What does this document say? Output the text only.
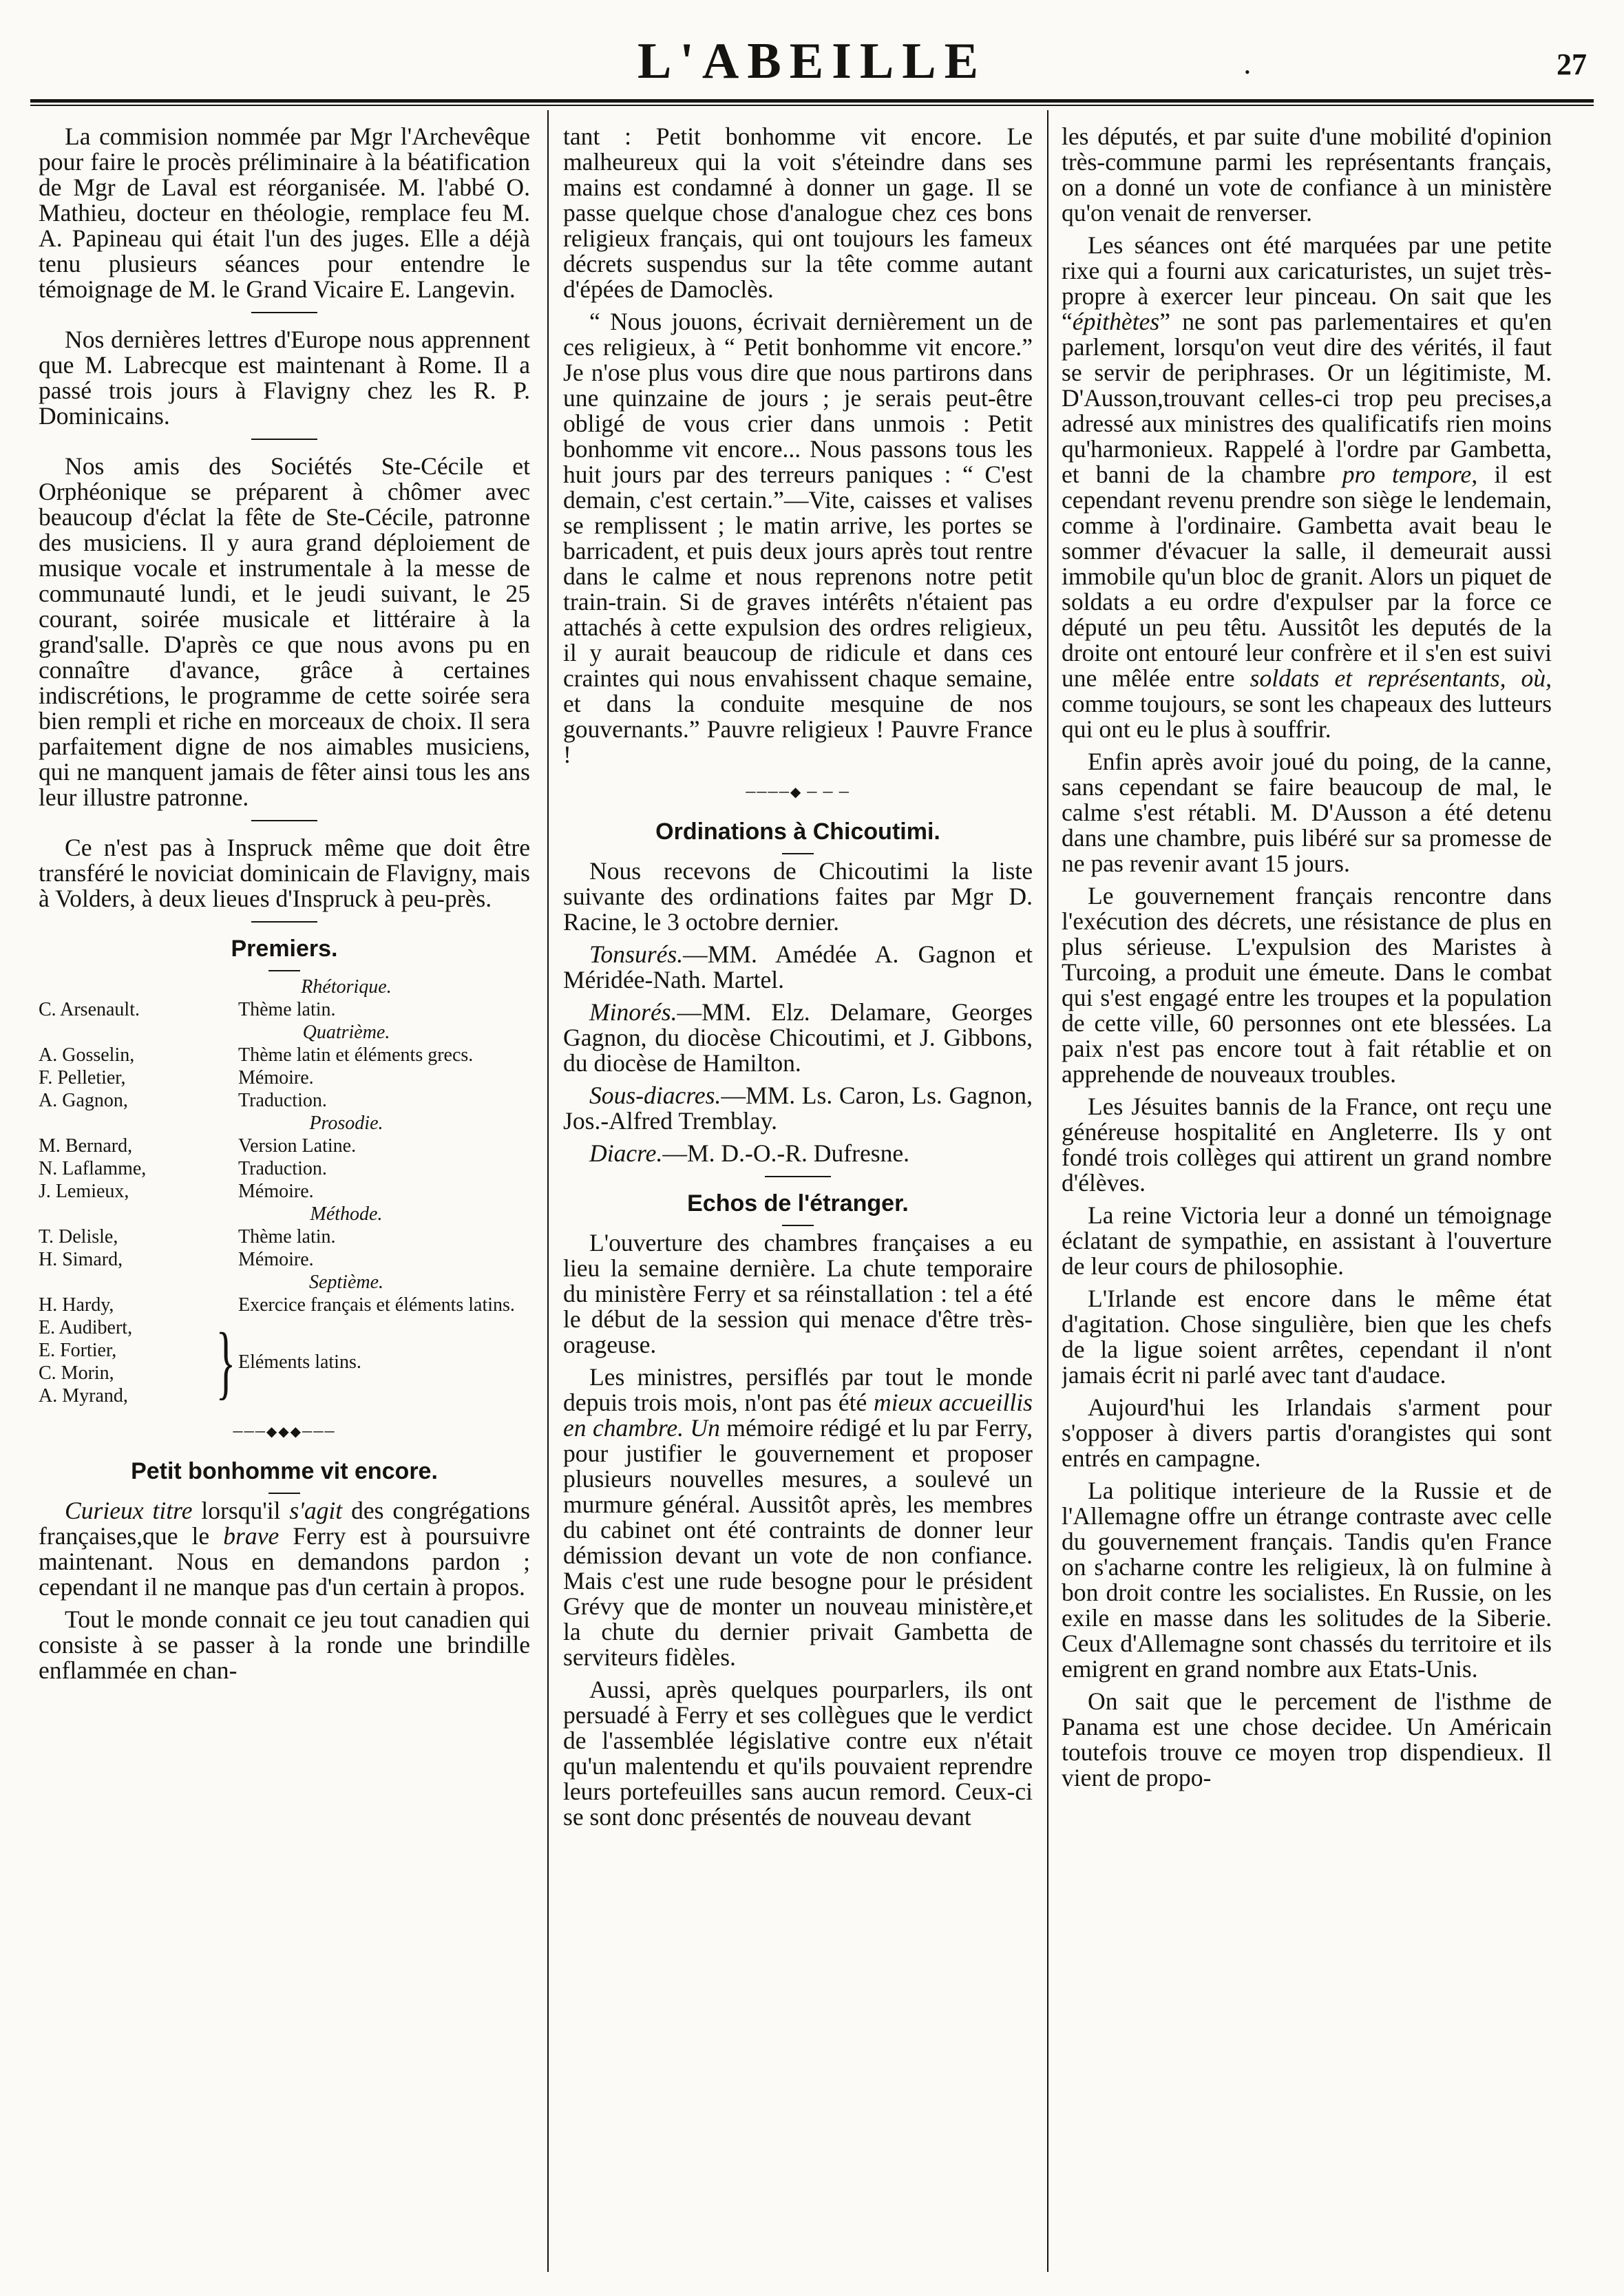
L'ABEILLE	•	27

La commision nommée par Mgr l'Archevêque pour faire le procès préliminaire à la béatification de Mgr de Laval est réorganisée. M. l'abbé O. Mathieu, docteur en théologie, remplace feu M. A. Papineau qui était l'un des juges. Elle a déjà tenu plusieurs séances pour entendre le témoignage de M. le Grand Vicaire E. Langevin.

Nos dernières lettres d'Europe nous apprennent que M. Labrecque est maintenant à Rome. Il a passé trois jours à Flavigny chez les R. P. Dominicains.

Nos amis des Sociétés Ste-Cécile et Orphéonique se préparent à chômer avec beaucoup d'éclat la fête de Ste-Cécile, patronne des musiciens. Il y aura grand déploiement de musique vocale et instrumentale à la messe de communauté lundi, et le jeudi suivant, le 25 courant, soirée musicale et littéraire à la grand'salle. D'après ce que nous avons pu en connaître d'avance, grâce à certaines indiscrétions, le programme de cette soirée sera bien rempli et riche en morceaux de choix. Il sera parfaitement digne de nos aimables musiciens, qui ne manquent jamais de fêter ainsi tous les ans leur illustre patronne.

Ce n'est pas à Inspruck même que doit être transféré le noviciat dominicain de Flavigny, mais à Volders, à deux lieues d'Inspruck à peu-près.

Premiers.
Rhétorique.
C. Arsenault.	Thème latin.
Quatrième.
A. Gosselin,	Thème latin et éléments grecs.
F. Pelletier,	Mémoire.
A. Gagnon,	Traduction.
Prosodie.
M. Bernard,	Version Latine.
N. Laflamme,	Traduction.
J. Lemieux,	Mémoire.
Méthode.
T. Delisle,	Thème latin.
H. Simard,	Mémoire.
Septième.
H. Hardy,	Exercice français et éléments latins.
E. Audibert,
E. Fortier,
C. Morin,
A. Myrand,	} Eléments latins.
───◆◆◆───
Petit bonhomme vit encore.

Curieux titre lorsqu'il s'agit des congrégations françaises,que le brave Ferry est à poursuivre maintenant. Nous en demandons pardon ; cependant il ne manque pas d'un certain à propos.

Tout le monde connait ce jeu tout canadien qui consiste à se passer à la ronde une brindille enflammée en chan-

tant : Petit bonhomme vit encore. Le malheureux qui la voit s'éteindre dans ses mains est condamné à donner un gage. Il se passe quelque chose d'analogue chez ces bons religieux français, qui ont toujours les fameux décrets suspendus sur la tête comme autant d'épées de Damoclès.

“ Nous jouons, écrivait dernièrement un de ces religieux, à “ Petit bonhomme vit encore.” Je n'ose plus vous dire que nous partirons dans une quinzaine de jours ; je serais peut-être obligé de vous crier dans unmois : Petit bonhomme vit encore... Nous passons tous les huit jours par des terreurs paniques : “ C'est demain, c'est certain.”—Vite, caisses et valises se remplissent ; le matin arrive, les portes se barricadent, et puis deux jours après tout rentre dans le calme et nous reprenons notre petit train-train. Si de graves intérêts n'étaient pas attachés à cette expulsion des ordres religieux, il y aurait beaucoup de ridicule et dans ces craintes qui nous envahissent chaque semaine, et dans la conduite mesquine de nos gouvernants.” Pauvre religieux ! Pauvre France !

────◆ ─ ─ ─
Ordinations à Chicoutimi.

Nous recevons de Chicoutimi la liste suivante des ordinations faites par Mgr D. Racine, le 3 octobre dernier.

Tonsurés.—MM. Amédée A. Gagnon et Méridée-Nath. Martel.

Minorés.—MM. Elz. Delamare, Georges Gagnon, du diocèse Chicoutimi, et J. Gibbons, du diocèse de Hamilton.

Sous-diacres.—MM. Ls. Caron, Ls. Gagnon, Jos.-Alfred Tremblay.

Diacre.—M. D.-O.-R. Dufresne.

Echos de l'étranger.

L'ouverture des chambres françaises a eu lieu la semaine dernière. La chute temporaire du ministère Ferry et sa réinstallation : tel a été le début de la session qui menace d'être très-orageuse.

Les ministres, persiflés par tout le monde depuis trois mois, n'ont pas été mieux accueillis en chambre. Un mémoire rédigé et lu par Ferry, pour justifier le gouvernement et proposer plusieurs nouvelles mesures, a soulevé un murmure général. Aussitôt après, les membres du cabinet ont été contraints de donner leur démission devant un vote de non confiance. Mais c'est une rude besogne pour le président Grévy que de monter un nouveau ministère,et la chute du dernier privait Gambetta de serviteurs fidèles.

Aussi, après quelques pourparlers, ils ont persuadé à Ferry et ses collègues que le verdict de l'assemblée législative contre eux n'était qu'un malentendu et qu'ils pouvaient reprendre leurs portefeuilles sans aucun remord. Ceux-ci se sont donc présentés de nouveau devant

les députés, et par suite d'une mobilité d'opinion très-commune parmi les représentants français, on a donné un vote de confiance à un ministère qu'on venait de renverser.

Les séances ont été marquées par une petite rixe qui a fourni aux caricaturistes, un sujet très-propre à exercer leur pinceau. On sait que les “épithètes” ne sont pas parlementaires et qu'en parlement, lorsqu'on veut dire des vérités, il faut se servir de periphrases. Or un légitimiste, M. D'Ausson,trouvant celles-ci trop peu precises,a adressé aux ministres des qualificatifs rien moins qu'harmonieux. Rappelé à l'ordre par Gambetta, et banni de la chambre pro tempore, il est cependant revenu prendre son siège le lendemain, comme à l'ordinaire. Gambetta avait beau le sommer d'évacuer la salle, il demeurait aussi immobile qu'un bloc de granit. Alors un piquet de soldats a eu ordre d'expulser par la force ce député un peu têtu. Aussitôt les deputés de la droite ont entouré leur confrère et il s'en est suivi une mêlée entre soldats et représentants, où, comme toujours, se sont les chapeaux des lutteurs qui ont eu le plus à souffrir.

Enfin après avoir joué du poing, de la canne, sans cependant se faire beaucoup de mal, le calme s'est rétabli. M. D'Ausson a été detenu dans une chambre, puis libéré sur sa promesse de ne pas revenir avant 15 jours.

Le gouvernement français rencontre dans l'exécution des décrets, une résistance de plus en plus sérieuse. L'expulsion des Maristes à Turcoing, a produit une émeute. Dans le combat qui s'est engagé entre les troupes et la population de cette ville, 60 personnes ont ete blessées. La paix n'est pas encore tout à fait rétablie et on apprehende de nouveaux troubles.

Les Jésuites bannis de la France, ont reçu une généreuse hospitalité en Angleterre. Ils y ont fondé trois collèges qui attirent un grand nombre d'élèves.

La reine Victoria leur a donné un témoignage éclatant de sympathie, en assistant à l'ouverture de leur cours de philosophie.

L'Irlande est encore dans le même état d'agitation. Chose singulière, bien que les chefs de la ligue soient arrêtes, cependant il n'ont jamais écrit ni parlé avec tant d'audace.

Aujourd'hui les Irlandais s'arment pour s'opposer à divers partis d'orangistes qui sont entrés en campagne.

La politique interieure de la Russie et de l'Allemagne offre un étrange contraste avec celle du gouvernement français. Tandis qu'en France on s'acharne contre les religieux, là on fulmine à bon droit contre les socialistes. En Russie, on les exile en masse dans les solitudes de la Siberie. Ceux d'Allemagne sont chassés du territoire et ils emigrent en grand nombre aux Etats-Unis.

On sait que le percement de l'isthme de Panama est une chose decidee. Un Américain toutefois trouve ce moyen trop dispendieux. Il vient de propo-
